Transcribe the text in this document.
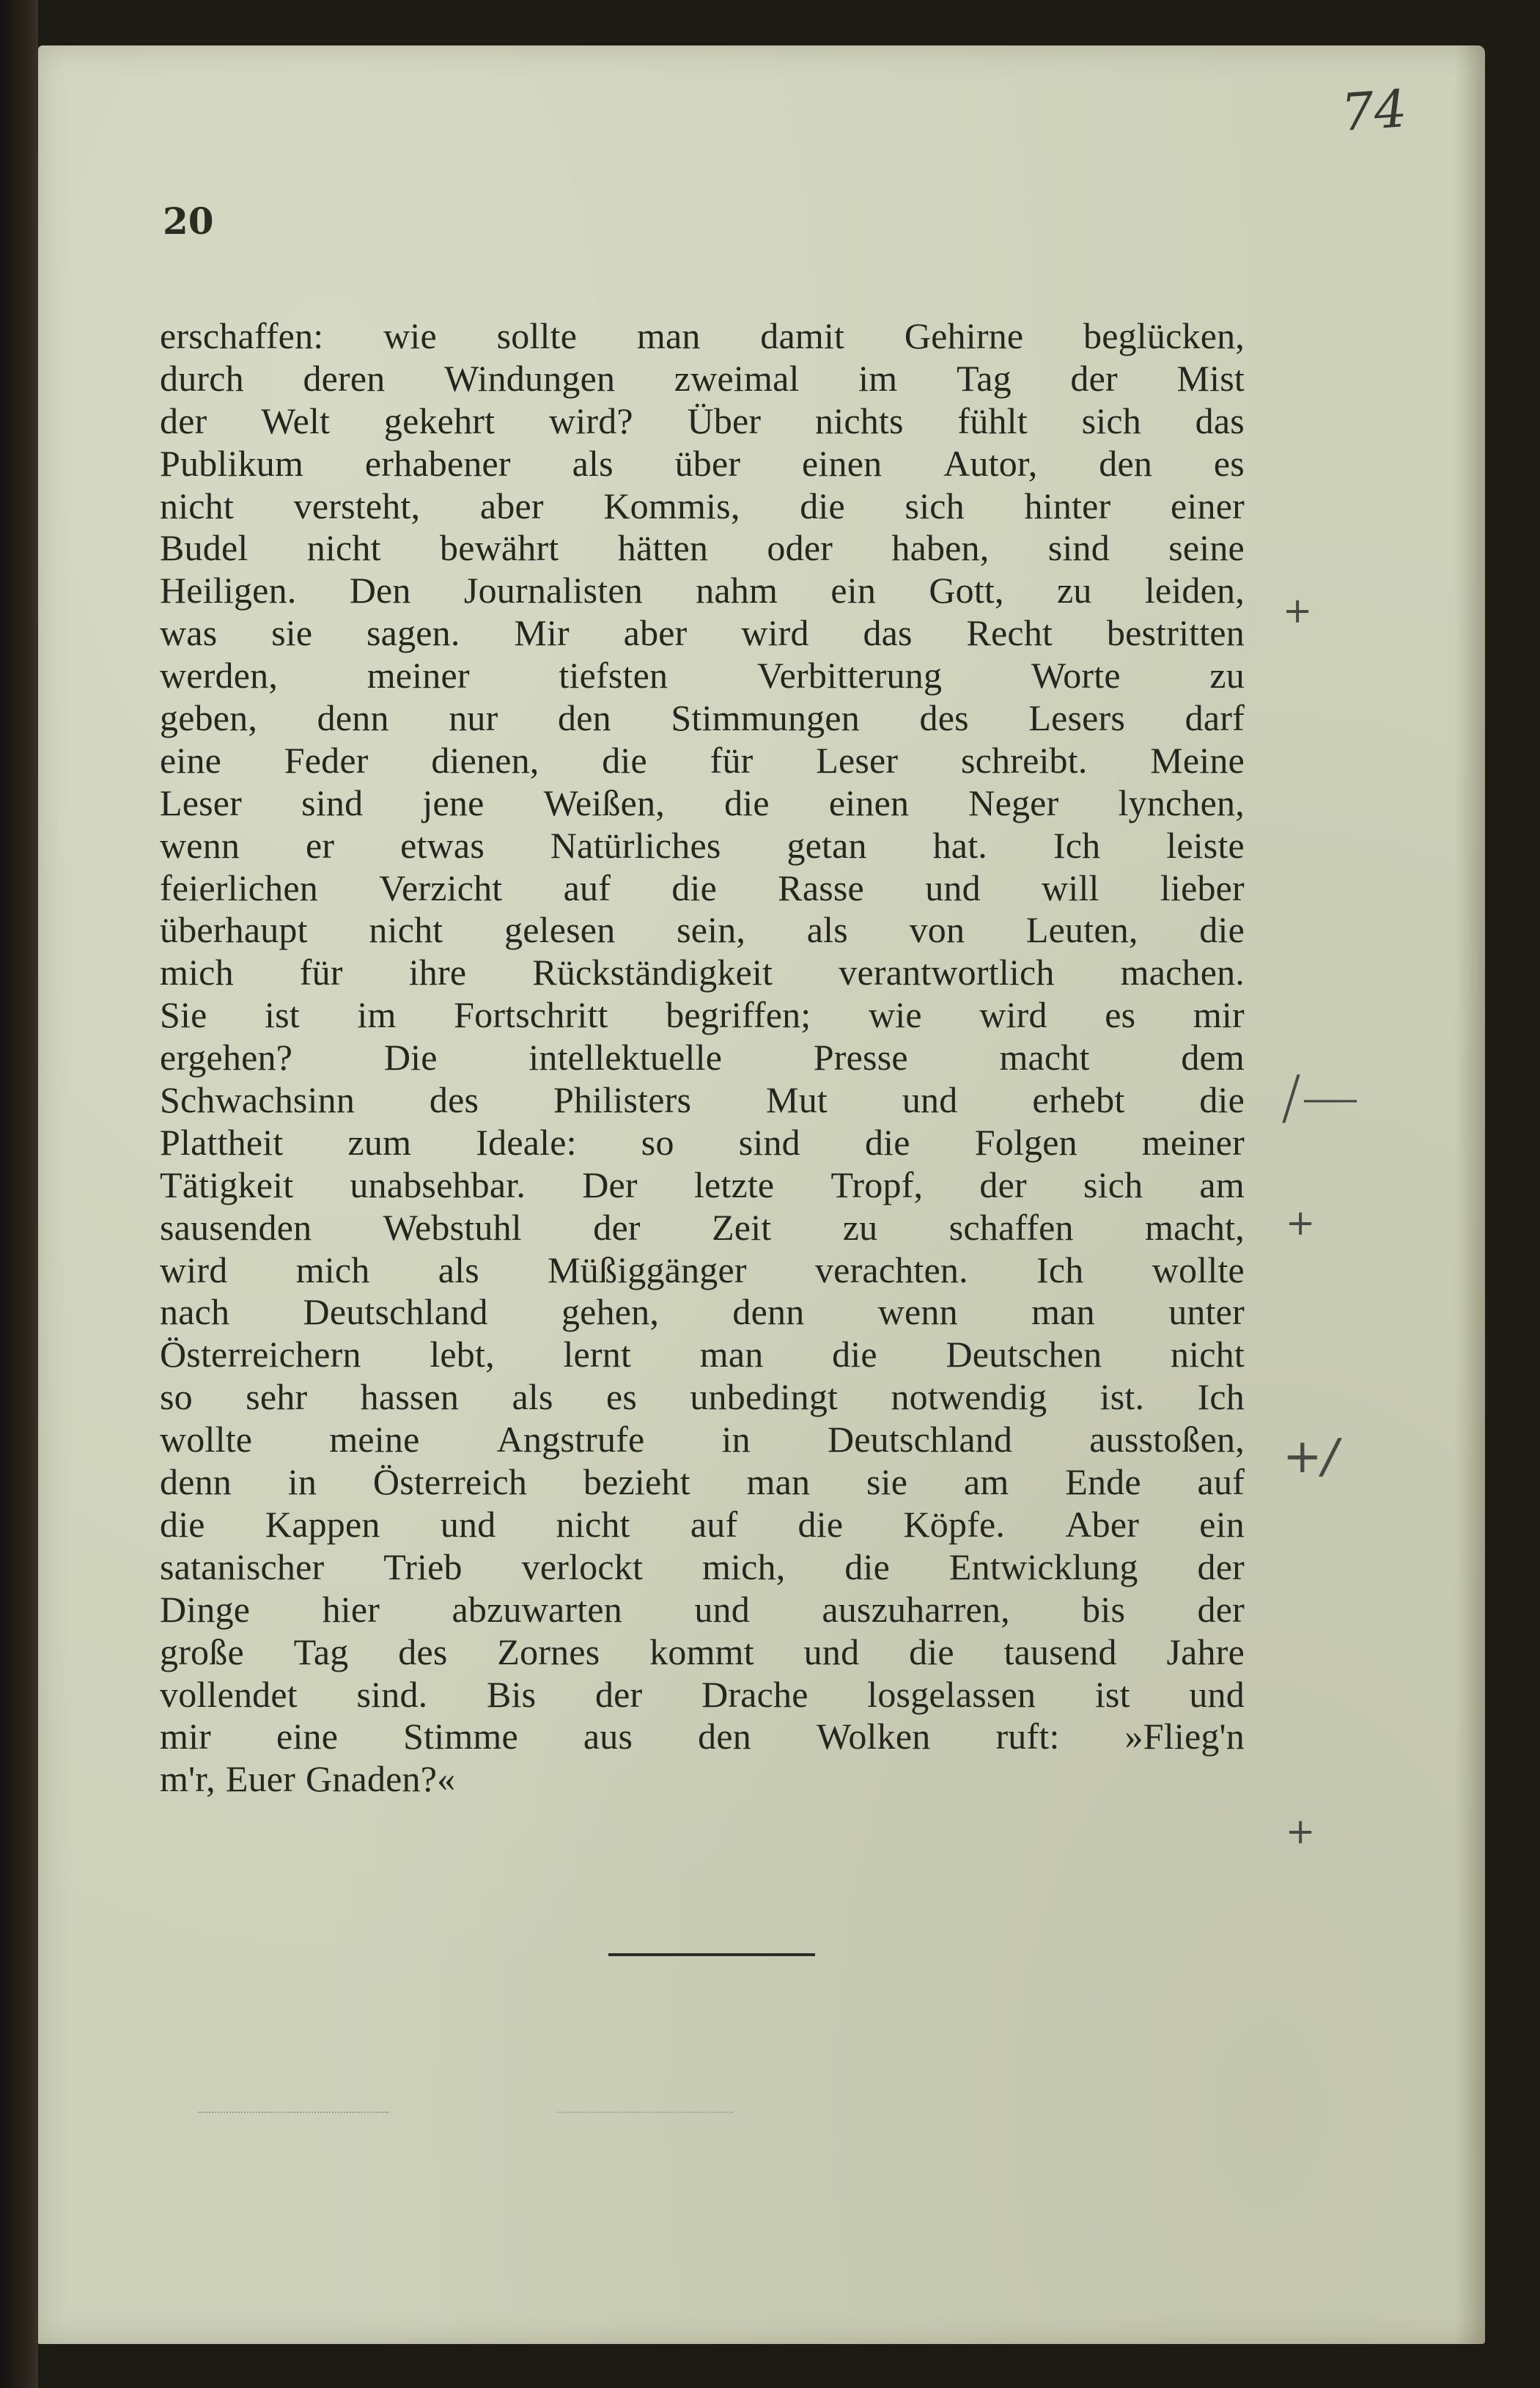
20

74

erschaffen: wie sollte man damit Gehirne beglücken,
durch deren Windungen zweimal im Tag der Mist
der Welt gekehrt wird? Über nichts fühlt sich das
Publikum erhabener als über einen Autor, den es
nicht versteht, aber Kommis, die sich hinter einer
Budel nicht bewährt hätten oder haben, sind seine
Heiligen. Den Journalisten nahm ein Gott, zu leiden,
was sie sagen. Mir aber wird das Recht bestritten
werden, meiner tiefsten Verbitterung Worte zu
geben, denn nur den Stimmungen des Lesers darf
eine Feder dienen, die für Leser schreibt. Meine
Leser sind jene Weißen, die einen Neger lynchen,
wenn er etwas Natürliches getan hat. Ich leiste
feierlichen Verzicht auf die Rasse und will lieber
überhaupt nicht gelesen sein, als von Leuten, die
mich für ihre Rückständigkeit verantwortlich machen.
Sie ist im Fortschritt begriffen; wie wird es mir
ergehen? Die intellektuelle Presse macht dem
Schwachsinn des Philisters Mut und erhebt die
Plattheit zum Ideale: so sind die Folgen meiner
Tätigkeit unabsehbar. Der letzte Tropf, der sich am
sausenden Webstuhl der Zeit zu schaffen macht,
wird mich als Müßiggänger verachten. Ich wollte
nach Deutschland gehen, denn wenn man unter
Österreichern lebt, lernt man die Deutschen nicht
so sehr hassen als es unbedingt notwendig ist. Ich
wollte meine Angstrufe in Deutschland ausstoßen,
denn in Österreich bezieht man sie am Ende auf
die Kappen und nicht auf die Köpfe. Aber ein
satanischer Trieb verlockt mich, die Entwicklung der
Dinge hier abzuwarten und auszuharren, bis der
große Tag des Zornes kommt und die tausend Jahre
vollendet sind. Bis der Drache losgelassen ist und
mir eine Stimme aus den Wolken ruft: »Flieg'n
m'r, Euer Gnaden?«

+

/—

+

+/

+
